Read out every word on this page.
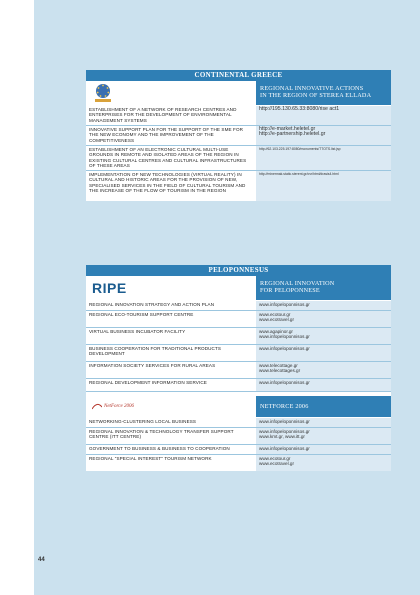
CONTINENTAL GREECE
REGIONAL INNOVATIVE ACTIONS
IN THE REGION OF STEREA ELLADA
ESTABLISHMENT OF A NETWORK OF RESEARCH CENTRES AND ENTERPRISES FOR THE DEVELOPMENT OF ENVIRONMENTAL MANAGEMENT SYSTEMS
http://195.130.65.33:8080/rise act1
INNOVATIVE SUPPORT PLAN FOR THE SUPPORT OF THE SME FOR THE NEW ECONOMY AND THE IMPROVEMENT OF THE COMPETITIVENESS
http://e-market.heletel.gr
http://e-partnership.heletel.gr
ESTABLISHMENT OF AN ELECTRONIC CULTURAL MULTI-USE GROUNDS IN REMOTE AND ISOLATED AREAS OF THE REGION IN EXISTING CULTURAL CENTRES AND CULTURAL INFRASTRUCTURES OF THESE AREAS
http://62.103.225.197:8080/monuments/TTOTS.list.jsp
IMPLEMENTATION OF NEW TECHNOLOGIES (VIRTUAL REALITY) IN CULTURAL AND HISTORIC AREAS FOR THE PROVISION OF NEW, SPECIALISED SERVICES IN THE FIELD OF CULTURAL TOURISM AND THE INCREASE OF THE FLOW OF TOURISM IN THE REGION
http://minermak.static.sterent.gr/ovr/html/drasis4.html
PELOPONNESUS
RIPE	REGIONAL INNOVATION
FOR PELOPONNESE
REGIONAL INNOVATION STRATEGY AND ACTION PLAN	www.infopeloponnisos.gr
REGIONAL ECO-TOURISM SUPPORT CENTRE	www.ecotour.gr
www.ecotravel.gr
VIRTUAL BUSINESS INCUBATOR FACILITY	www.agapinor.gr
www.infopeloponnisos.gr
BUSINESS COOPERATION FOR TRADITIONAL PRODUCTS DEVELOPMENT
www.infopeloponnisos.gr
INFORMATION SOCIETY SERVICES FOR RURAL AREAS	www.telecottage.gr
www.telecottages.gr
REGIONAL DEVELOPMENT INFORMATION SERVICE	www.infopeloponnisos.gr
NetForce 2006	NETFORCE 2006
NETWORKING-CLUSTERING LOCAL BUSINESS	www.infopeloponnisos.gr
REGIONAL INNOVATION & TECHNOLOGY TRANSFER SUPPORT CENTRE (ITT CENTRE)
www.infopeloponnisos.gr
www.kmt.gr, www.itt.gr
GOVERNMENT TO BUSINESS & BUSINESS TO COOPERATION	www.infopeloponnisos.gr
REGIONAL "SPECIAL INTEREST" TOURISM NETWORK	www.ecotour.gr
www.ecotravel.gr
44
